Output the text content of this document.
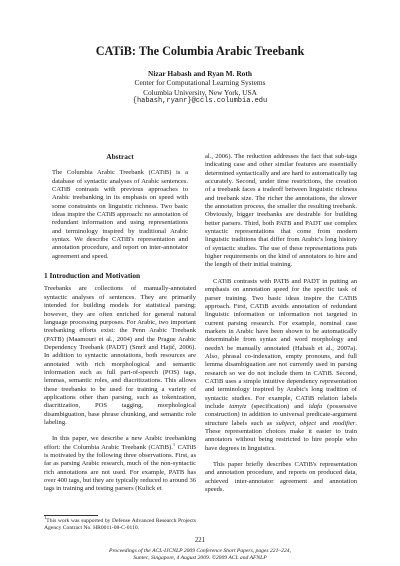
CATiB: The Columbia Arabic Treebank
Nizar Habash and Ryan M. Roth
Center for Computational Learning Systems
Columbia University, New York, USA
{habash,ryanr}@ccls.columbia.edu
Abstract
The Columbia Arabic Treebank (CATiB) is a database of syntactic analyses of Arabic sentences. CATiB contrasts with previous approaches to Arabic treebanking in its emphasis on speed with some constraints on linguistic richness. Two basic ideas inspire the CATiB approach: no annotation of redundant information and using representations and terminology inspired by traditional Arabic syntax. We describe CATiB's representation and annotation procedure, and report on inter-annotator agreement and speed.
1 Introduction and Motivation

Treebanks are collections of manually-annotated syntactic analyses of sentences. They are primarily intended for building models for statistical parsing; however, they are often enriched for general natural language processing purposes. For Arabic, two important treebanking efforts exist: the Penn Arabic Treebank (PATB) (Maamouri et al., 2004) and the Prague Arabic Dependency Treebank (PADT) (Smrž and Hajič, 2006). In addition to syntactic annotations, both resources are annotated with rich morphological and semantic information such as full part-of-speech (POS) tags, lemmas, semantic roles, and diacritizations. This allows these treebanks to be used for training a variety of applications other than parsing, such as tokenization, diacritization, POS tagging, morphological disambiguation, base phrase chunking, and semantic role labeling.

In this paper, we describe a new Arabic treebanking effort: the Columbia Arabic Treebank (CATiB).$^1$ CATiB is motivated by the following three observations. First, as far as parsing Arabic research, much of the non-syntactic rich annotations are not used. For example, PATB has over 400 tags, but they are typically reduced to around 36 tags in training and testing parsers (Kulick et

al., 2006). The reduction addresses the fact that sub-tags indicating case and other similar features are essentially determined syntactically and are hard to automatically tag accurately. Second, under time restrictions, the creation of a treebank faces a tradeoff between linguistic richness and treebank size. The richer the annotations, the slower the annotation process, the smaller the resulting treebank. Obviously, bigger treebanks are desirable for building better parsers. Third, both PATB and PADT use complex syntactic representations that come from modern linguistic traditions that differ from Arabic's long history of syntactic studies. The use of these representations puts higher requirements on the kind of annotators to hire and the length of their initial training.

CATiB contrasts with PATB and PADT in putting an emphasis on annotation speed for the specific task of parser training. Two basic ideas inspire the CATiB approach. First, CATiB avoids annotation of redundant linguistic information or information not targeted in current parsing research. For example, nominal case markers in Arabic have been shown to be automatically determinable from syntax and word morphology and needn't be manually annotated (Habash et al., 2007a). Also, phrasal co-indexation, empty pronouns, and full lemma disambiguation are not currently used in parsing research so we do not include them in CATiB. Second, CATiB uses a simple intuitive dependency representation and terminology inspired by Arabic's long tradition of syntactic studies. For example, CATiB relation labels include tamyiz (specification) and idafa (possessive construction) in addition to universal predicate-argument structure labels such as subject, object and modifier. These representation choices make it easier to train annotators without being restricted to hire people who have degrees in linguistics.

This paper briefly describes CATiB's representation and annotation procedure, and reports on produced data, achieved inter-annotator agreement and annotation speeds.

$^1$This work was supported by Defense Advanced Research Projects Agency Contract No. HR0011-08-C-0110.
221
Proceedings of the ACL-IJCNLP 2009 Conference Short Papers, pages 221–224,
Suntec, Singapore, 4 August 2009. ©2009 ACL and AFNLP
